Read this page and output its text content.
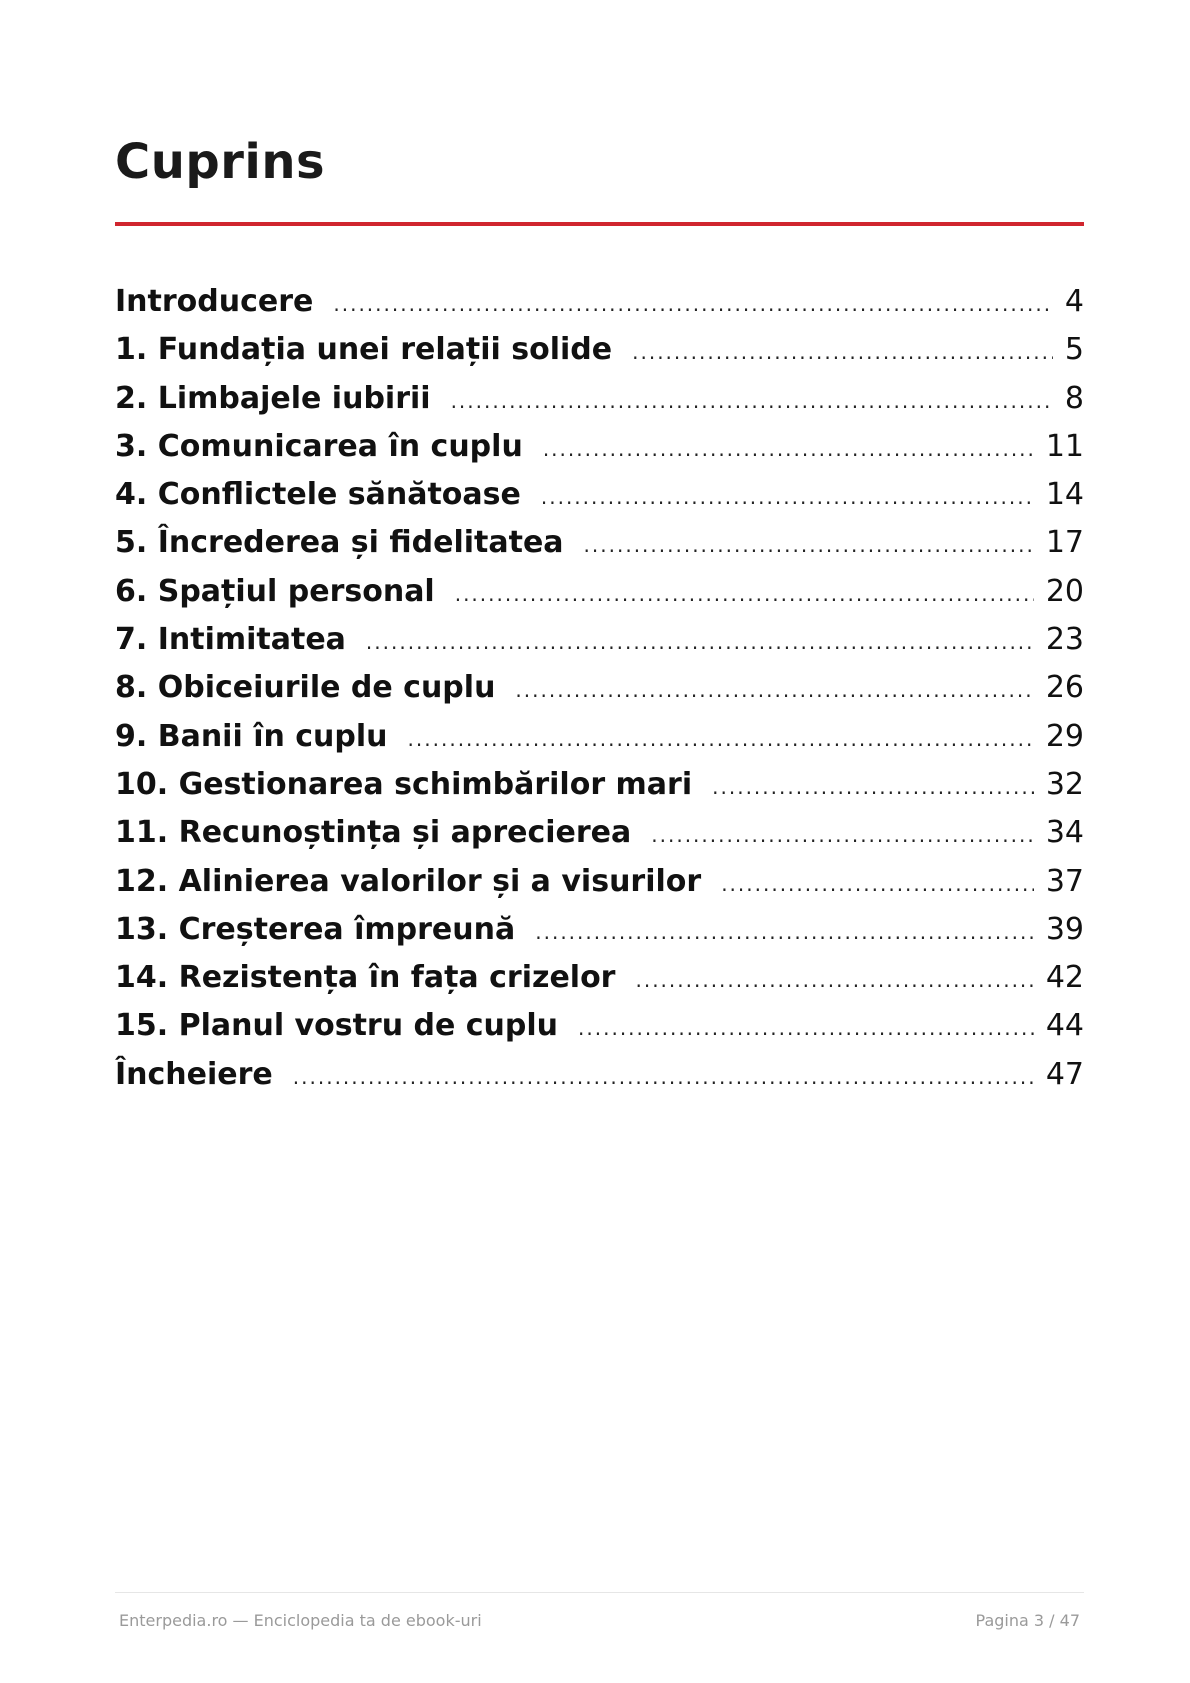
Cuprins
Introducere .....	4
1. Fundația unei relații solide .....	5
2. Limbajele iubirii .....	8
3. Comunicarea în cuplu .....	11
4. Conflictele sănătoase .....	14
5. Încrederea și fidelitatea .....	17
6. Spațiul personal .....	20
7. Intimitatea .....	23
8. Obiceiurile de cuplu .....	26
9. Banii în cuplu .....	29
10. Gestionarea schimbărilor mari .....	32
11. Recunoștința și aprecierea .....	34
12. Alinierea valorilor și a visurilor .....	37
13. Creșterea împreună .....	39
14. Rezistența în fața crizelor .....	42
15. Planul vostru de cuplu .....	44
Încheiere .....	47
Enterpedia.ro — Enciclopedia ta de ebook-uri	Pagina 3 / 47
